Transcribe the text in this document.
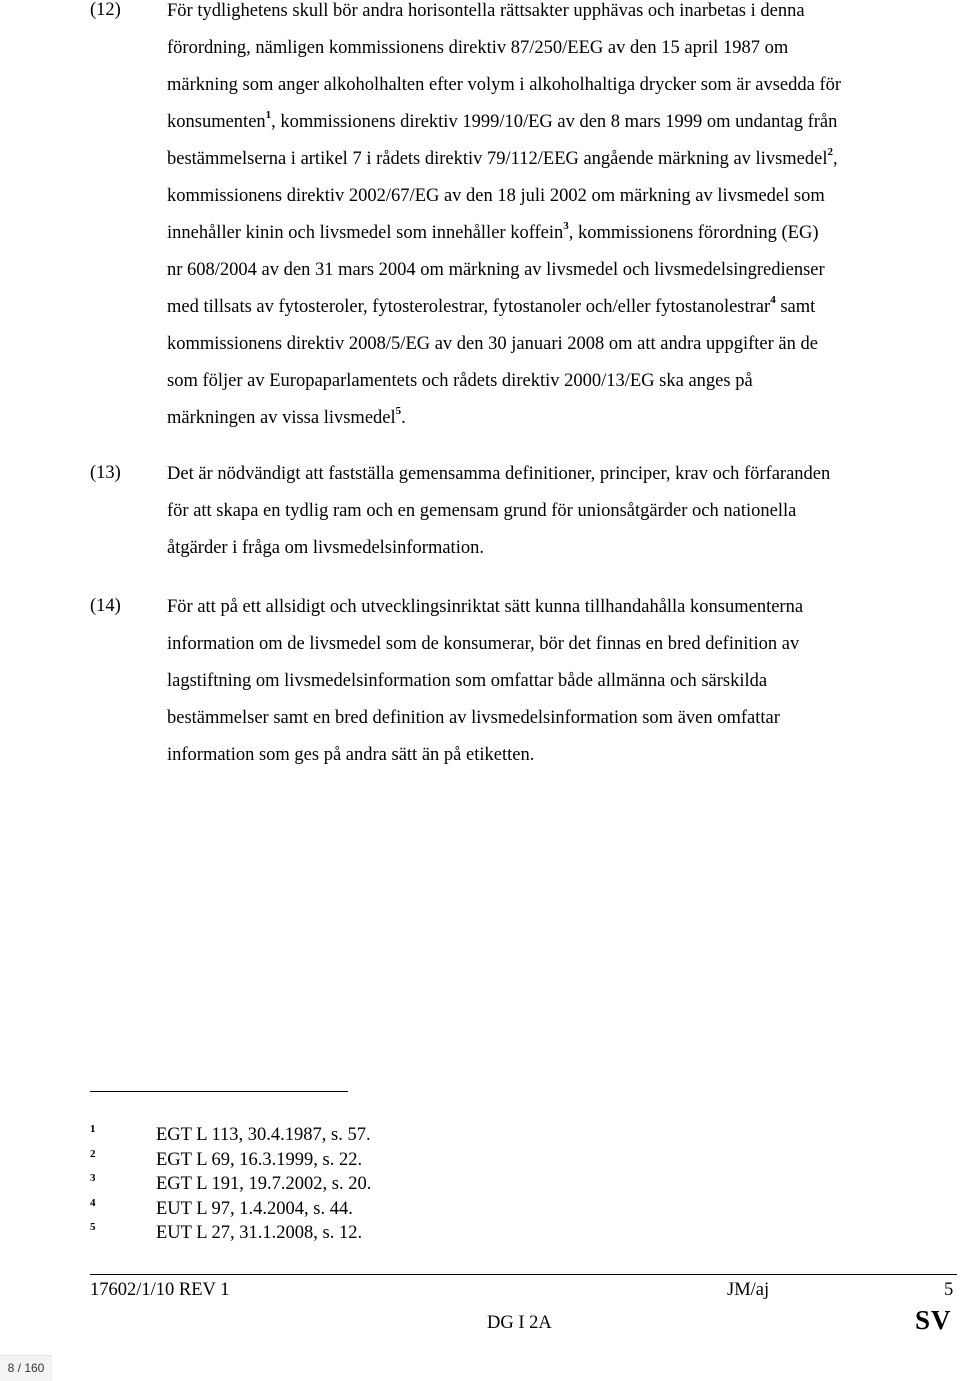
(12) För tydlighetens skull bör andra horisontella rättsakter upphävas och inarbetas i denna
förordning, nämligen kommissionens direktiv 87/250/EEG av den 15 april 1987 om
märkning som anger alkoholhalten efter volym i alkoholhaltiga drycker som är avsedda för
konsumenten$^1$, kommissionens direktiv 1999/10/EG av den 8 mars 1999 om undantag från
bestämmelserna i artikel 7 i rådets direktiv 79/112/EEG angående märkning av livsmedel$^2$,
kommissionens direktiv 2002/67/EG av den 18 juli 2002 om märkning av livsmedel som
innehåller kinin och livsmedel som innehåller koffein$^3$, kommissionens förordning (EG)
nr 608/2004 av den 31 mars 2004 om märkning av livsmedel och livsmedelsingredienser
med tillsats av fytosteroler, fytosterolestrar, fytostanoler och/eller fytostanolestrar$^4$ samt
kommissionens direktiv 2008/5/EG av den 30 januari 2008 om att andra uppgifter än de
som följer av Europaparlamentets och rådets direktiv 2000/13/EG ska anges på
märkningen av vissa livsmedel$^5$.
(13) Det är nödvändigt att fastställa gemensamma definitioner, principer, krav och förfaranden
för att skapa en tydlig ram och en gemensam grund för unionsåtgärder och nationella
åtgärder i fråga om livsmedelsinformation.
(14) För att på ett allsidigt och utvecklingsinriktat sätt kunna tillhandahålla konsumenterna
information om de livsmedel som de konsumerar, bör det finnas en bred definition av
lagstiftning om livsmedelsinformation som omfattar både allmänna och särskilda
bestämmelser samt en bred definition av livsmedelsinformation som även omfattar
information som ges på andra sätt än på etiketten.
1	EGT L 113, 30.4.1987, s. 57.
2	EGT L 69, 16.3.1999, s. 22.
3	EGT L 191, 19.7.2002, s. 20.
4	EUT L 97, 1.4.2004, s. 44.
5	EUT L 27, 31.1.2008, s. 12.
17602/1/10 REV 1	JM/aj	5
DG I 2A	SV
8 / 160
